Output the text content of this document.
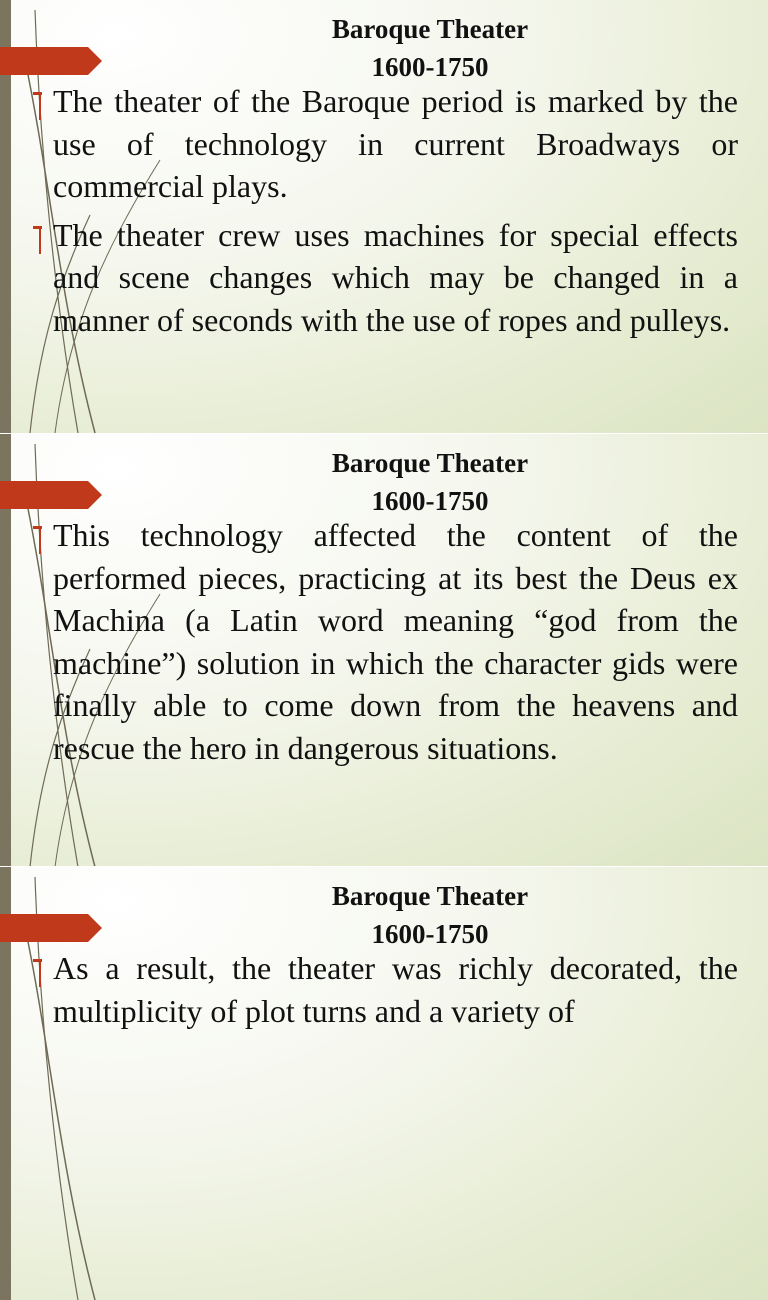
Baroque Theater
1600-1750
The theater of the Baroque period is marked by the use of technology in current Broadways or commercial plays.
The theater crew uses machines for special effects and scene changes which may be changed in a manner of seconds with the use of ropes and pulleys.
Baroque Theater
1600-1750
This technology affected the content of the performed pieces, practicing at its best the Deus ex Machina (a Latin word meaning “god from the machine”) solution in which the character gids were finally able to come down from the heavens and rescue the hero in dangerous situations.
Baroque Theater
1600-1750
As a result, the theater was richly decorated, the multiplicity of plot turns and a variety of
